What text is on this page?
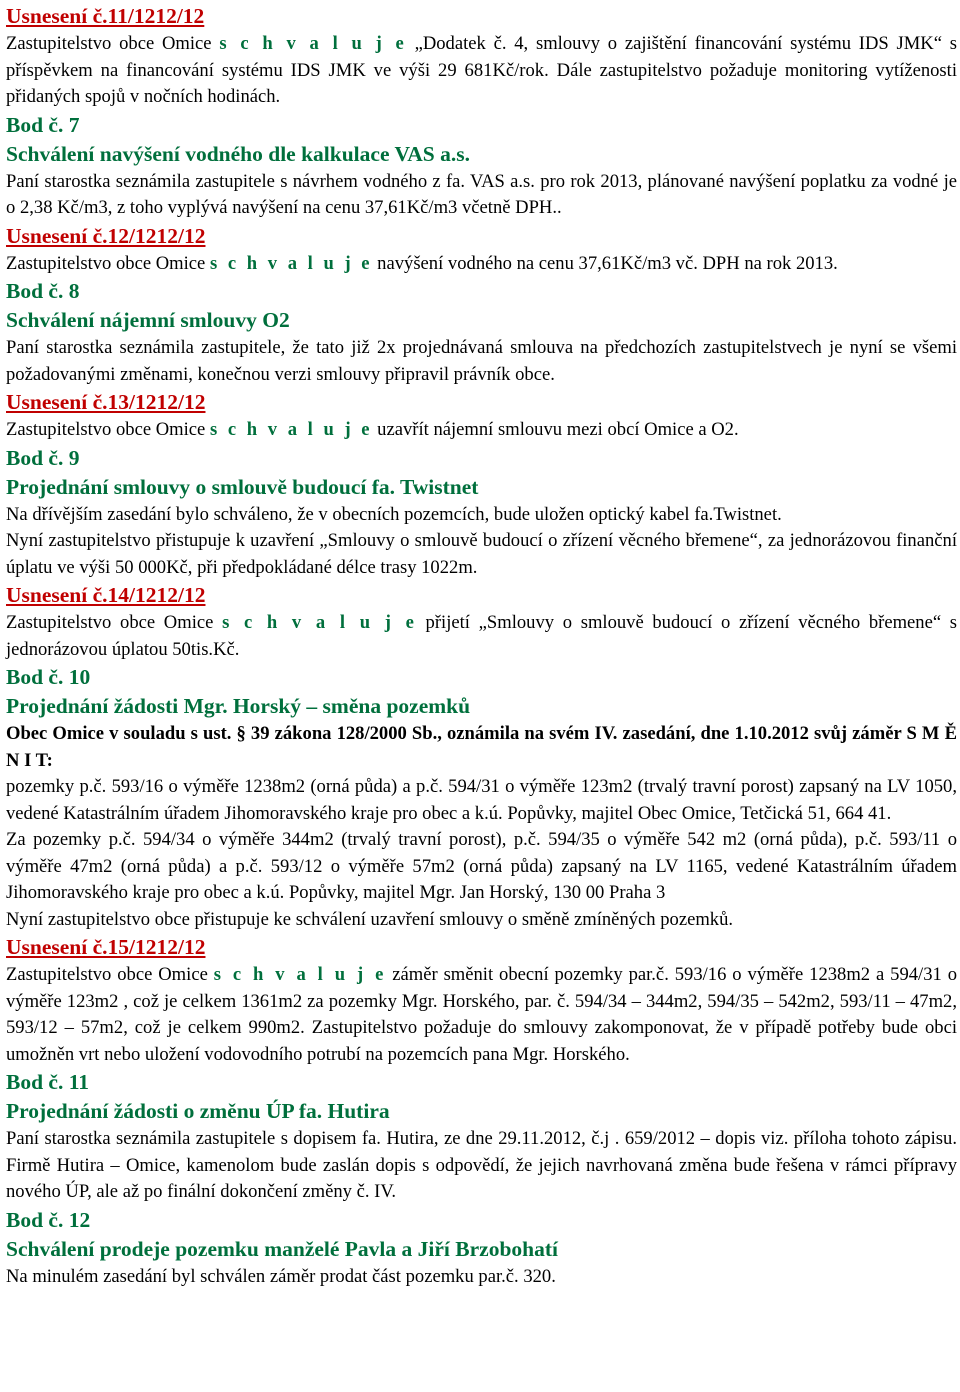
Usnesení č.11/1212/12

Zastupitelstvo obce Omice s c h v a l u j e „Dodatek č. 4, smlouvy o zajištění financování systému IDS JMK“ s příspěvkem na financování systému IDS JMK ve výši 29 681Kč/rok. Dále zastupitelstvo požaduje monitoring vytíženosti přidaných spojů v nočních hodinách.

Bod č. 7

Schválení navýšení vodného dle kalkulace VAS a.s.

Paní starostka seznámila zastupitele s návrhem vodného z fa. VAS a.s. pro rok 2013, plánované navýšení poplatku za vodné je o 2,38 Kč/m3, z toho vyplývá navýšení na cenu 37,61Kč/m3 včetně DPH..

Usnesení č.12/1212/12

Zastupitelstvo obce Omice s c h v a l u j e navýšení vodného na cenu 37,61Kč/m3 vč. DPH na rok 2013.

Bod č. 8

Schválení nájemní smlouvy O2

Paní starostka seznámila zastupitele, že tato již 2x projednávaná smlouva na předchozích zastupitelstvech je nyní se všemi požadovanými změnami, konečnou verzi smlouvy připravil právník obce.

Usnesení č.13/1212/12

Zastupitelstvo obce Omice s c h v a l u j e uzavřít nájemní smlouvu mezi obcí Omice a O2.

Bod č. 9

Projednání smlouvy o smlouvě budoucí fa. Twistnet

Na dřívějším zasedání bylo schváleno, že v obecních pozemcích, bude uložen optický kabel fa.Twistnet.

Nyní zastupitelstvo přistupuje k uzavření „Smlouvy o smlouvě budoucí o zřízení věcného břemene“, za jednorázovou finanční úplatu ve výši 50 000Kč, při předpokládané délce trasy 1022m.

Usnesení č.14/1212/12

Zastupitelstvo obce Omice s c h v a l u j e přijetí „Smlouvy o smlouvě budoucí o zřízení věcného břemene“ s jednorázovou úplatou 50tis.Kč.

Bod č. 10

Projednání žádosti Mgr. Horský – směna pozemků

Obec Omice v souladu s ust. § 39 zákona 128/2000 Sb., oznámila na svém IV. zasedání, dne 1.10.2012 svůj záměr S M Ě N I T:

pozemky p.č. 593/16 o výměře 1238m2 (orná půda) a p.č. 594/31 o výměře 123m2 (trvalý travní porost) zapsaný na LV 1050, vedené Katastrálním úřadem Jihomoravského kraje pro obec a k.ú. Popůvky, majitel Obec Omice, Tetčická 51, 664 41.

Za pozemky p.č. 594/34 o výměře 344m2 (trvalý travní porost), p.č. 594/35 o výměře 542 m2 (orná půda), p.č. 593/11 o výměře 47m2 (orná půda) a p.č. 593/12 o výměře 57m2 (orná půda) zapsaný na LV 1165, vedené Katastrálním úřadem Jihomoravského kraje pro obec a k.ú. Popůvky, majitel Mgr. Jan Horský, 130 00 Praha 3

Nyní zastupitelstvo obce přistupuje ke schválení uzavření smlouvy o směně zmíněných pozemků.

Usnesení č.15/1212/12

Zastupitelstvo obce Omice s c h v a l u j e záměr směnit obecní pozemky par.č. 593/16 o výměře 1238m2 a 594/31 o výměře 123m2 , což je celkem 1361m2 za pozemky Mgr. Horského, par. č. 594/34 – 344m2, 594/35 – 542m2, 593/11 – 47m2, 593/12 – 57m2, což je celkem 990m2. Zastupitelstvo požaduje do smlouvy zakomponovat, že v případě potřeby bude obci umožněn vrt nebo uložení vodovodního potrubí na pozemcích pana Mgr. Horského.

Bod č. 11

Projednání žádosti o změnu ÚP fa. Hutira

Paní starostka seznámila zastupitele s dopisem fa. Hutira, ze dne 29.11.2012, č.j . 659/2012 – dopis viz. příloha tohoto zápisu. Firmě Hutira – Omice, kamenolom bude zaslán dopis s odpovědí, že jejich navrhovaná změna bude řešena v rámci přípravy nového ÚP, ale až po finální dokončení změny č. IV.

Bod č. 12

Schválení prodeje pozemku manželé Pavla a Jiří Brzobohatí

Na minulém zasedání byl schválen záměr prodat část pozemku par.č. 320.
